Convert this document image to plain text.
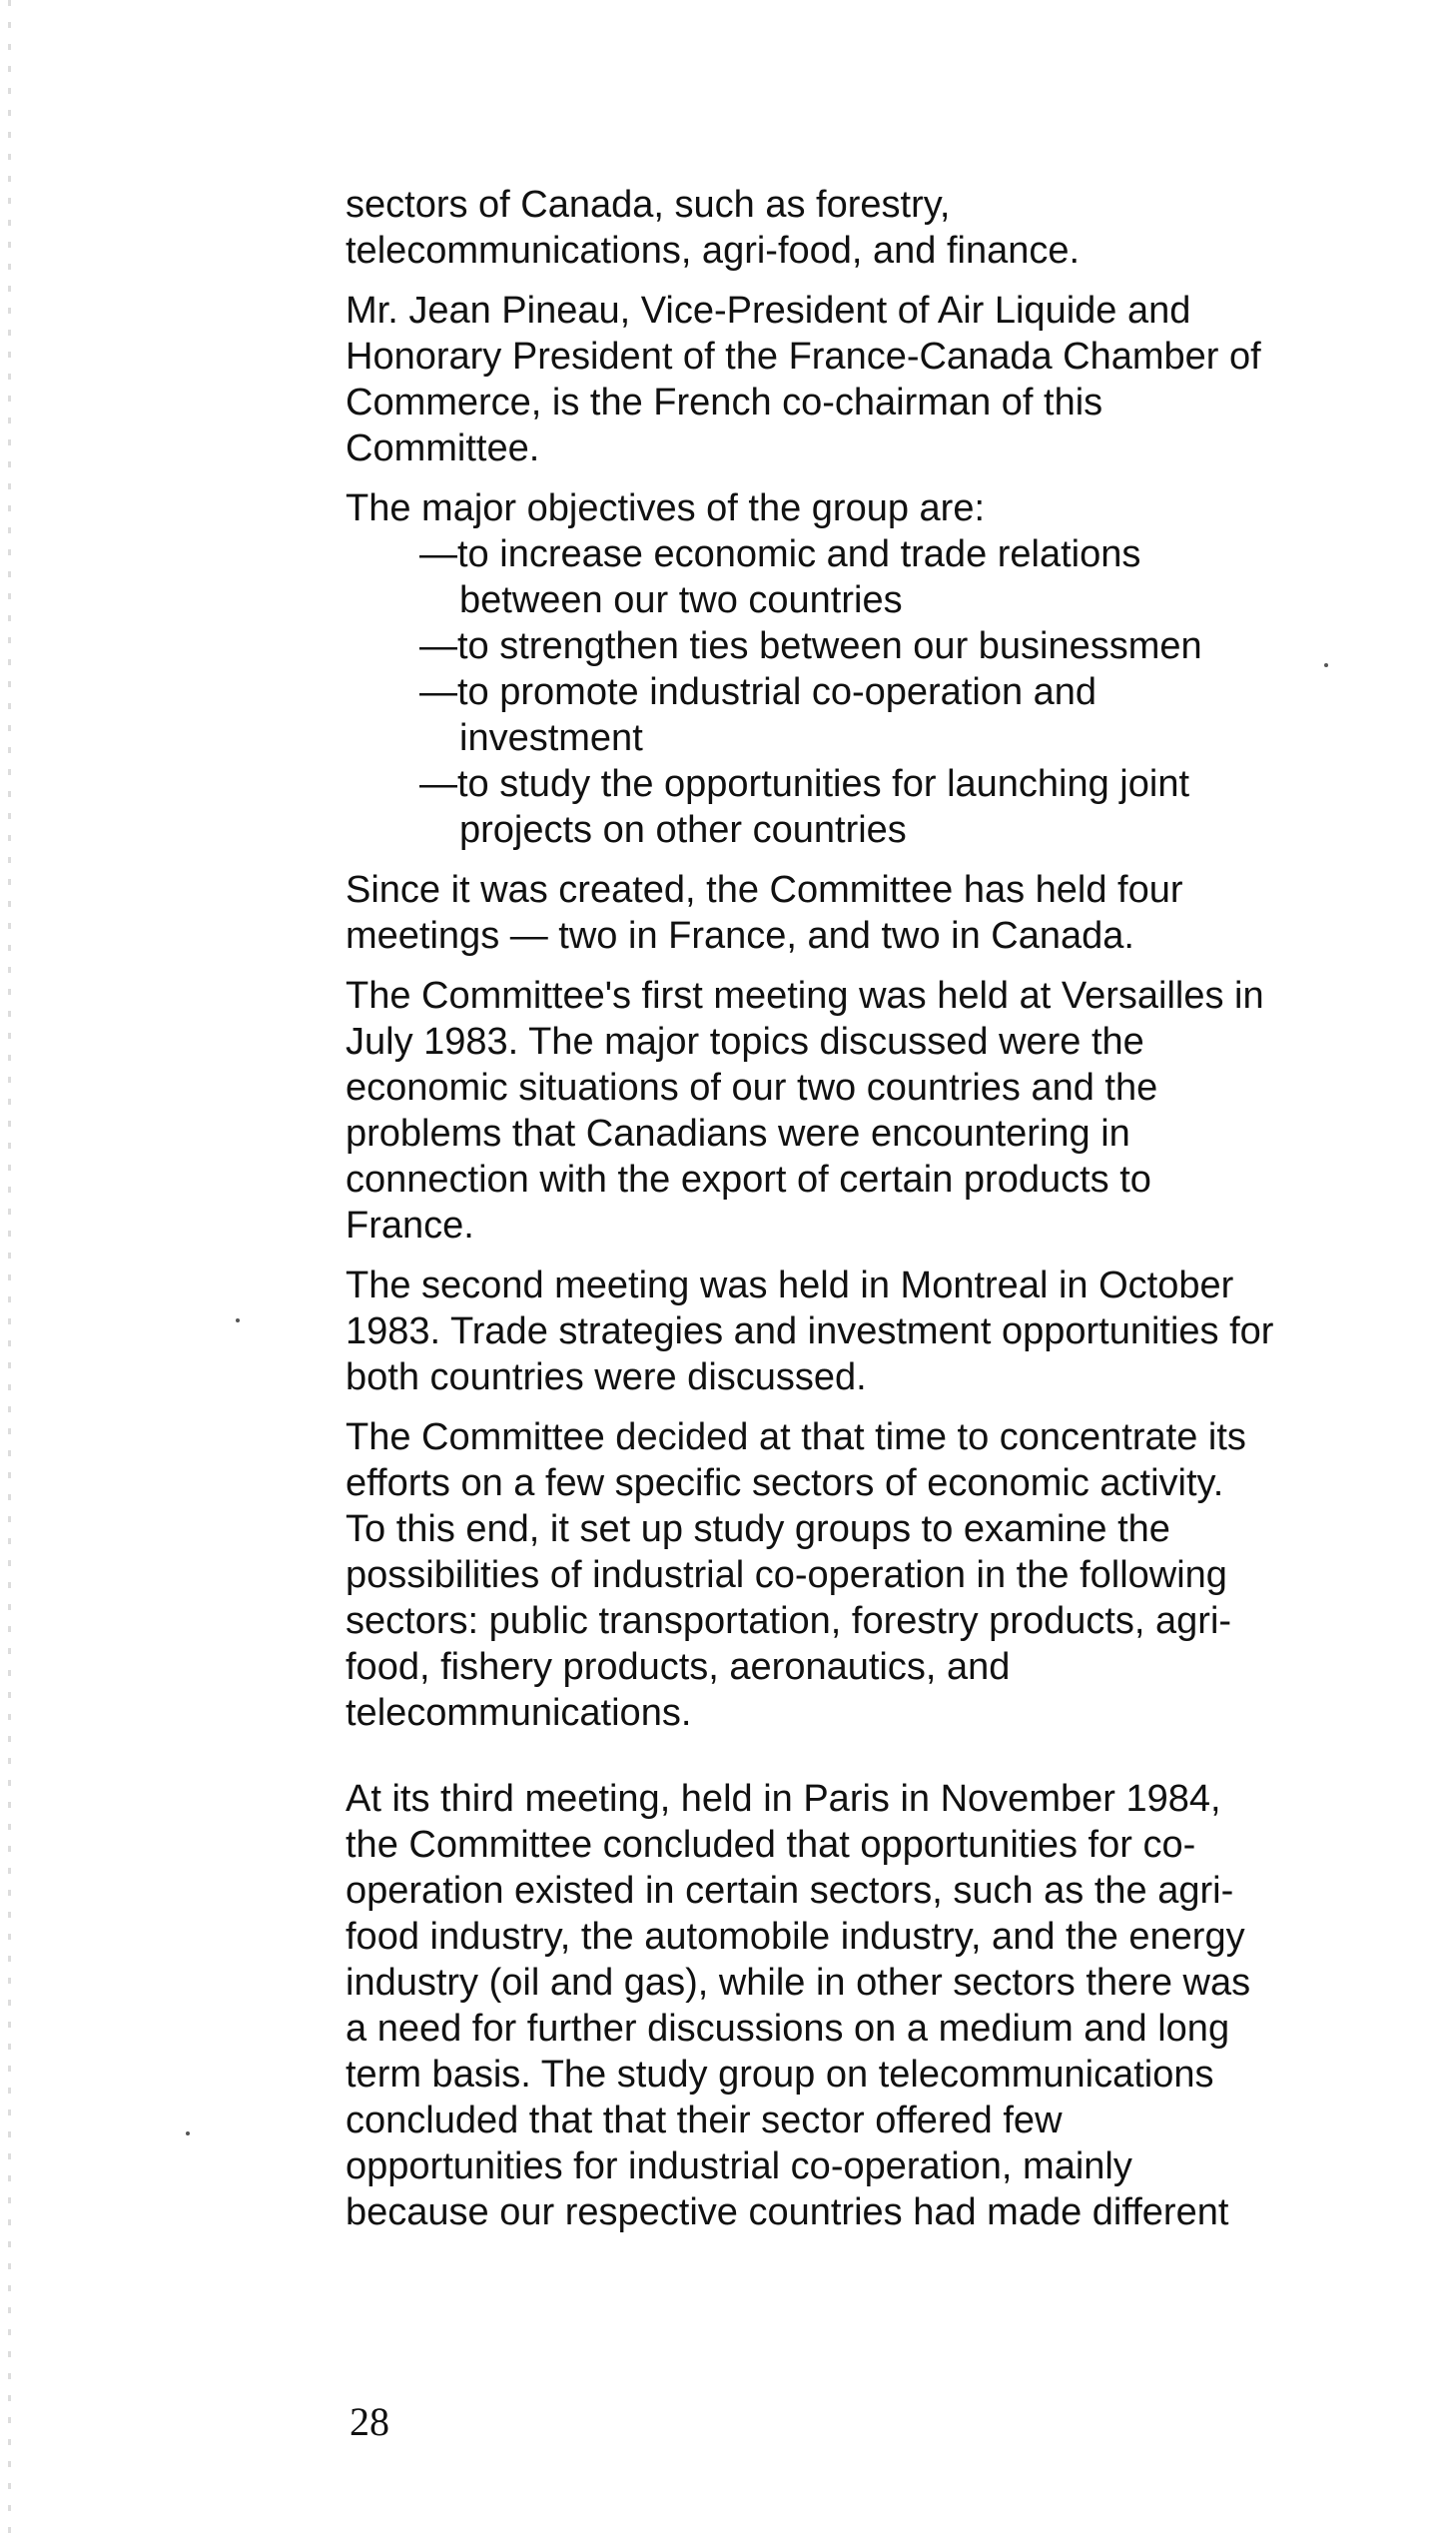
sectors of Canada, such as forestry,
telecommunications, agri-food, and finance.

Mr. Jean Pineau, Vice-President of Air Liquide and
Honorary President of the France-Canada Chamber of
Commerce, is the French co-chairman of this
Committee.

The major objectives of the group are:

—to increase economic and trade relations
between our two countries
—to strengthen ties between our businessmen
—to promote industrial co-operation and
investment
—to study the opportunities for launching joint
projects on other countries

Since it was created, the Committee has held four
meetings — two in France, and two in Canada.

The Committee's first meeting was held at Versailles in
July 1983. The major topics discussed were the
economic situations of our two countries and the
problems that Canadians were encountering in
connection with the export of certain products to
France.

The second meeting was held in Montreal in October
1983. Trade strategies and investment opportunities for
both countries were discussed.

The Committee decided at that time to concentrate its
efforts on a few specific sectors of economic activity.
To this end, it set up study groups to examine the
possibilities of industrial co-operation in the following
sectors: public transportation, forestry products, agri-
food, fishery products, aeronautics, and
telecommunications.

At its third meeting, held in Paris in November 1984,
the Committee concluded that opportunities for co-
operation existed in certain sectors, such as the agri-
food industry, the automobile industry, and the energy
industry (oil and gas), while in other sectors there was
a need for further discussions on a medium and long
term basis. The study group on telecommunications
concluded that that their sector offered few
opportunities for industrial co-operation, mainly
because our respective countries had made different

28
